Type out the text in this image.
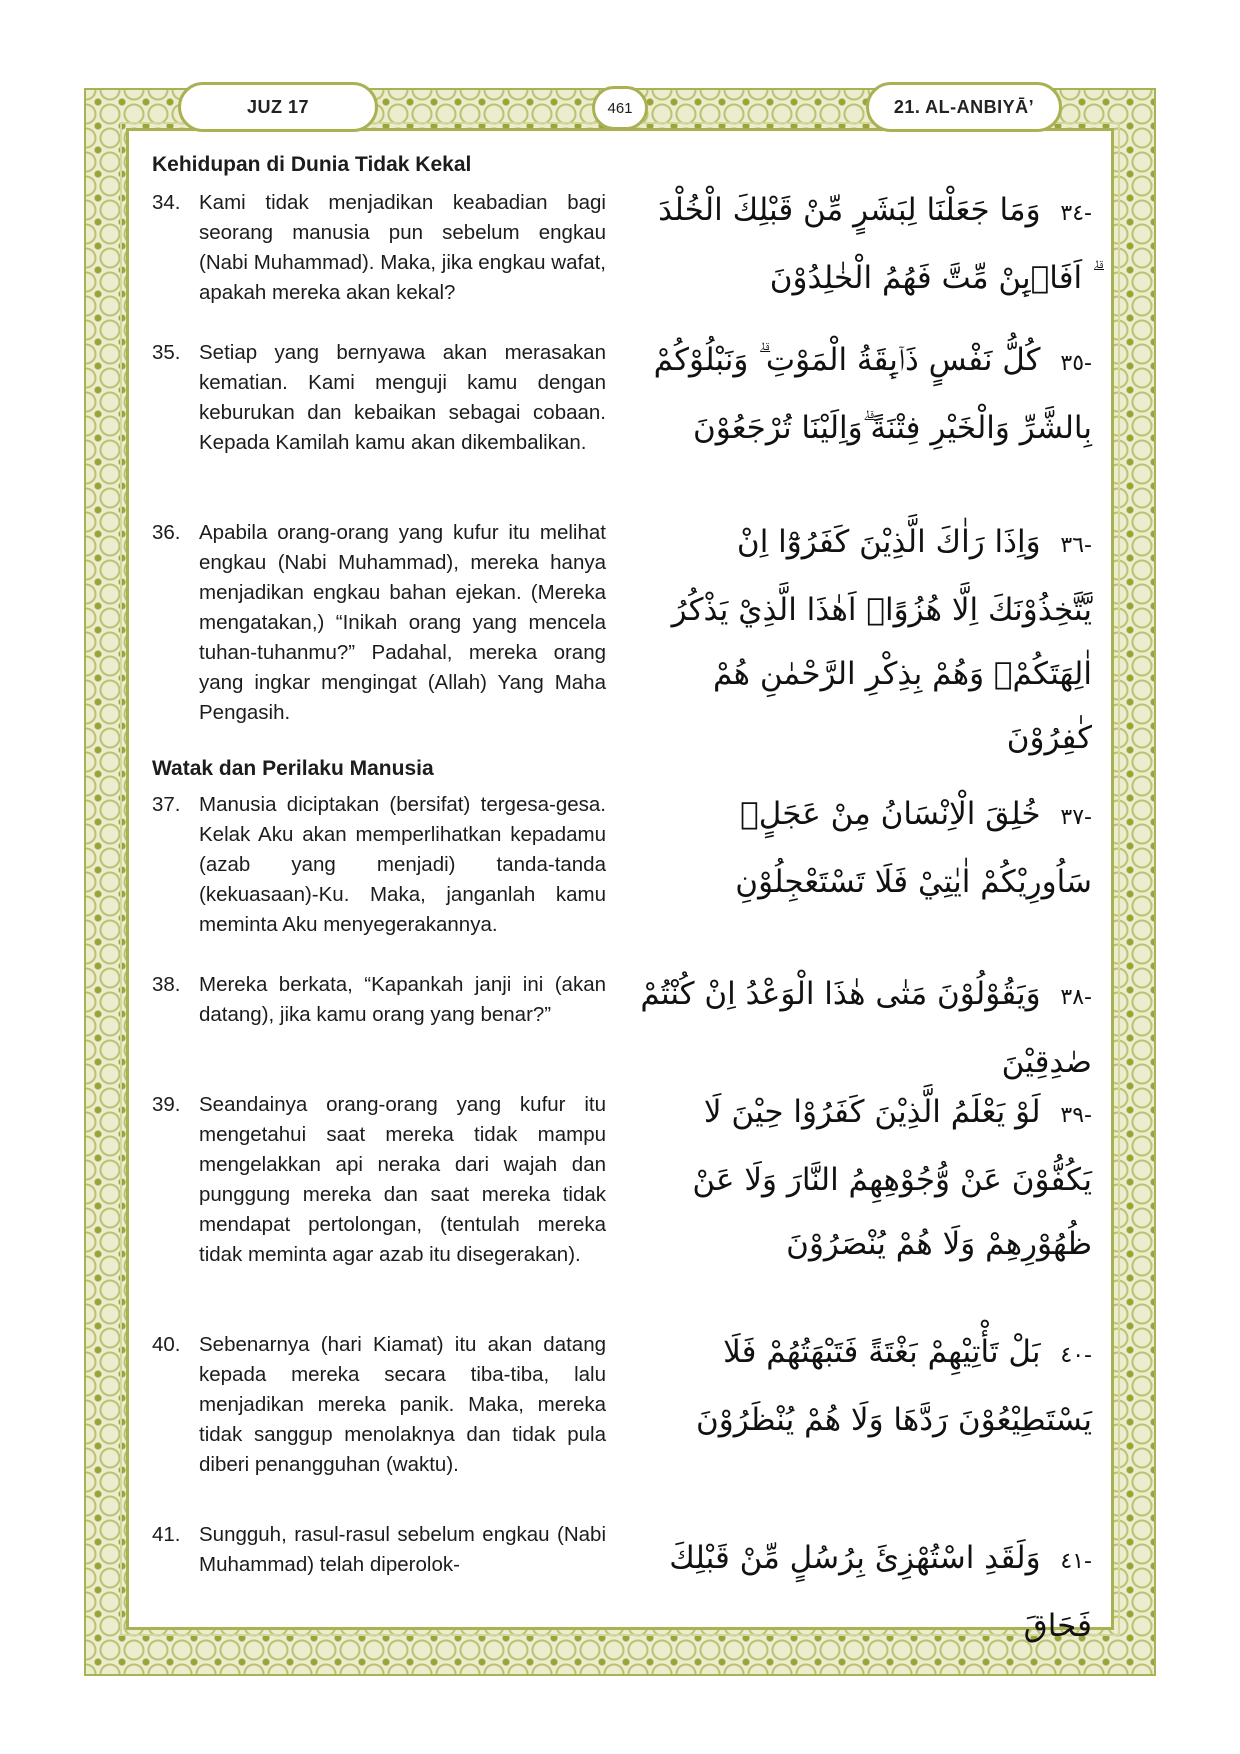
JUZ 17	461	21. AL-ANBIYĀ’
Kehidupan di Dunia Tidak Kekal
34. Kami tidak menjadikan keabadian bagi seorang manusia pun sebelum engkau (Nabi Muhammad). Maka, jika engkau wafat, apakah mereka akan kekal?
-٣٤ وَمَا جَعَلْنَا لِبَشَرٍ مِّنْ قَبْلِكَ الْخُلْدَ ۗ اَفَا۟ىِٕنْ مِّتَّ فَهُمُ الْخٰلِدُوْنَ
35. Setiap yang bernyawa akan merasakan kematian. Kami menguji kamu dengan keburukan dan kebaikan sebagai cobaan. Kepada Kamilah kamu akan dikembalikan.
-٣٥ كُلُّ نَفْسٍ ذَاۤىِٕقَةُ الْمَوْتِ ۗ وَنَبْلُوْكُمْ بِالشَّرِّ وَالْخَيْرِ فِتْنَةً ۗوَاِلَيْنَا تُرْجَعُوْنَ
36. Apabila orang-orang yang kufur itu melihat engkau (Nabi Muhammad), mereka hanya menjadikan engkau bahan ejekan. (Mereka mengatakan,) “Inikah orang yang mencela tuhan-tuhanmu?” Padahal, mereka orang yang ingkar mengingat (Allah) Yang Maha Pengasih.
-٣٦ وَاِذَا رَاٰكَ الَّذِيْنَ كَفَرُوْٓا اِنْ يَّتَّخِذُوْنَكَ اِلَّا هُزُوًاۗ اَهٰذَا الَّذِيْ يَذْكُرُ اٰلِهَتَكُمْۚ وَهُمْ بِذِكْرِ الرَّحْمٰنِ هُمْ كٰفِرُوْنَ
Watak dan Perilaku Manusia
37. Manusia diciptakan (bersifat) tergesa-gesa. Kelak Aku akan memperlihatkan kepadamu (azab yang menjadi) tanda-tanda (kekuasaan)-Ku. Maka, janganlah kamu meminta Aku menyegerakannya.
-٣٧ خُلِقَ الْاِنْسَانُ مِنْ عَجَلٍۗ سَاُورِيْكُمْ اٰيٰتِيْ فَلَا تَسْتَعْجِلُوْنِ
38. Mereka berkata, “Kapankah janji ini (akan datang), jika kamu orang yang benar?”
-٣٨ وَيَقُوْلُوْنَ مَتٰى هٰذَا الْوَعْدُ اِنْ كُنْتُمْ صٰدِقِيْنَ
39. Seandainya orang-orang yang kufur itu mengetahui saat mereka tidak mampu mengelakkan api neraka dari wajah dan punggung mereka dan saat mereka tidak mendapat pertolongan, (tentulah mereka tidak meminta agar azab itu disegerakan).
-٣٩ لَوْ يَعْلَمُ الَّذِيْنَ كَفَرُوْا حِيْنَ لَا يَكُفُّوْنَ عَنْ وُّجُوْهِهِمُ النَّارَ وَلَا عَنْ ظُهُوْرِهِمْ وَلَا هُمْ يُنْصَرُوْنَ
40. Sebenarnya (hari Kiamat) itu akan datang kepada mereka secara tiba-tiba, lalu menjadikan mereka panik. Maka, mereka tidak sanggup menolaknya dan tidak pula diberi penangguhan (waktu).
-٤٠ بَلْ تَأْتِيْهِمْ بَغْتَةً فَتَبْهَتُهُمْ فَلَا يَسْتَطِيْعُوْنَ رَدَّهَا وَلَا هُمْ يُنْظَرُوْنَ
41. Sungguh, rasul-rasul sebelum engkau (Nabi Muhammad) telah diperolok-	-٤١ وَلَقَدِ اسْتُهْزِئَ بِرُسُلٍ مِّنْ قَبْلِكَ فَحَاقَ
